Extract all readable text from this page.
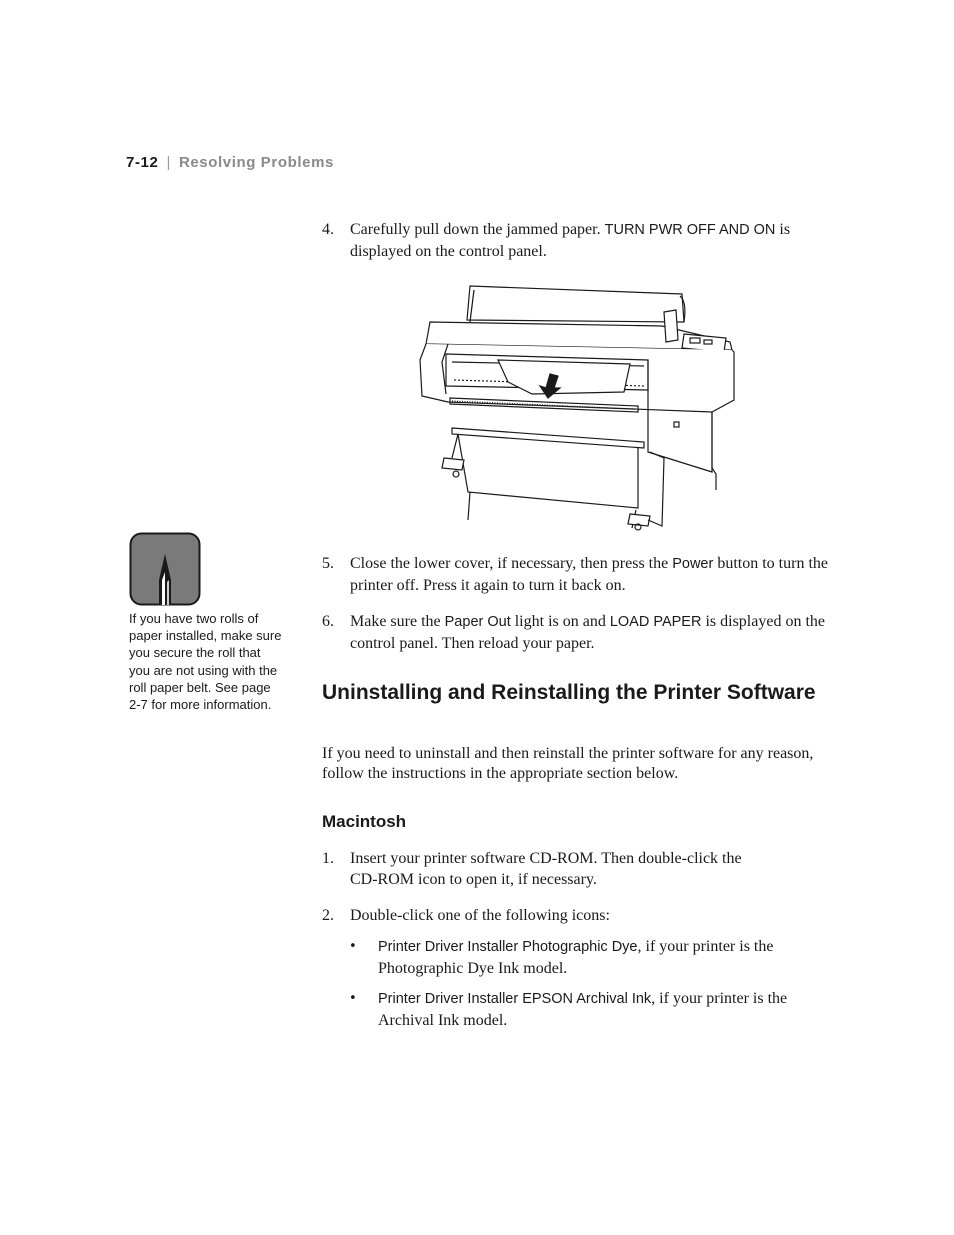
7-12 | Resolving Problems
4. Carefully pull down the jammed paper. TURN PWR OFF AND ON is displayed on the control panel.
If you have two rolls of paper installed, make sure you secure the roll that you are not using with the roll paper belt. See page 2-7 for more information.
5. Close the lower cover, if necessary, then press the Power button to turn the printer off. Press it again to turn it back on.
6. Make sure the Paper Out light is on and LOAD PAPER is displayed on the control panel. Then reload your paper.
Uninstalling and Reinstalling the Printer Software
If you need to uninstall and then reinstall the printer software for any reason, follow the instructions in the appropriate section below.
Macintosh
1. Insert your printer software CD-ROM. Then double-click the CD-ROM icon to open it, if necessary.
2. Double-click one of the following icons:
• Printer Driver Installer Photographic Dye, if your printer is the Photographic Dye Ink model.
• Printer Driver Installer EPSON Archival Ink, if your printer is the Archival Ink model.
